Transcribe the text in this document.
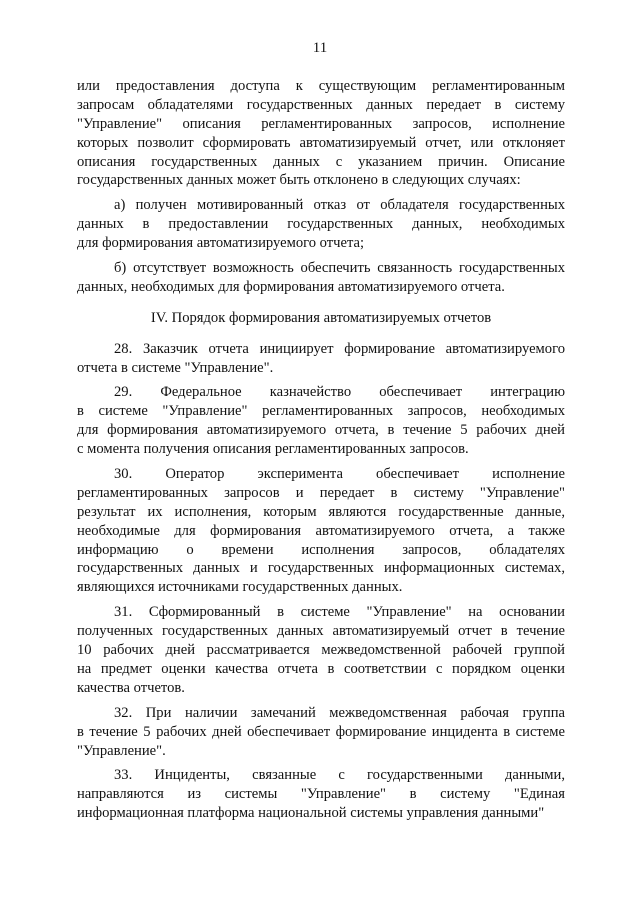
11
или предоставления доступа к существующим регламентированным
запросам обладателями государственных данных передает в систему
"Управление" описания регламентированных запросов, исполнение
которых позволит сформировать автоматизируемый отчет, или отклоняет
описания государственных данных с указанием причин. Описание
государственных данных может быть отклонено в следующих случаях:
а) получен мотивированный отказ от обладателя государственных
данных в предоставлении государственных данных, необходимых
для формирования автоматизируемого отчета;
б) отсутствует возможность обеспечить связанность государственных
данных, необходимых для формирования автоматизируемого отчета.
IV. Порядок формирования автоматизируемых отчетов
28. Заказчик отчета инициирует формирование автоматизируемого
отчета в системе "Управление".
29. Федеральное казначейство обеспечивает интеграцию
в системе "Управление" регламентированных запросов, необходимых
для формирования автоматизируемого отчета, в течение 5 рабочих дней
с момента получения описания регламентированных запросов.
30. Оператор эксперимента обеспечивает исполнение
регламентированных запросов и передает в систему "Управление"
результат их исполнения, которым являются государственные данные,
необходимые для формирования автоматизируемого отчета, а также
информацию о времени исполнения запросов, обладателях
государственных данных и государственных информационных системах,
являющихся источниками государственных данных.
31. Сформированный в системе "Управление" на основании
полученных государственных данных автоматизируемый отчет в течение
10 рабочих дней рассматривается межведомственной рабочей группой
на предмет оценки качества отчета в соответствии с порядком оценки
качества отчетов.
32. При наличии замечаний межведомственная рабочая группа
в течение 5 рабочих дней обеспечивает формирование инцидента в системе
"Управление".
33. Инциденты, связанные с государственными данными,
направляются из системы "Управление" в систему "Единая
информационная платформа национальной системы управления данными"
